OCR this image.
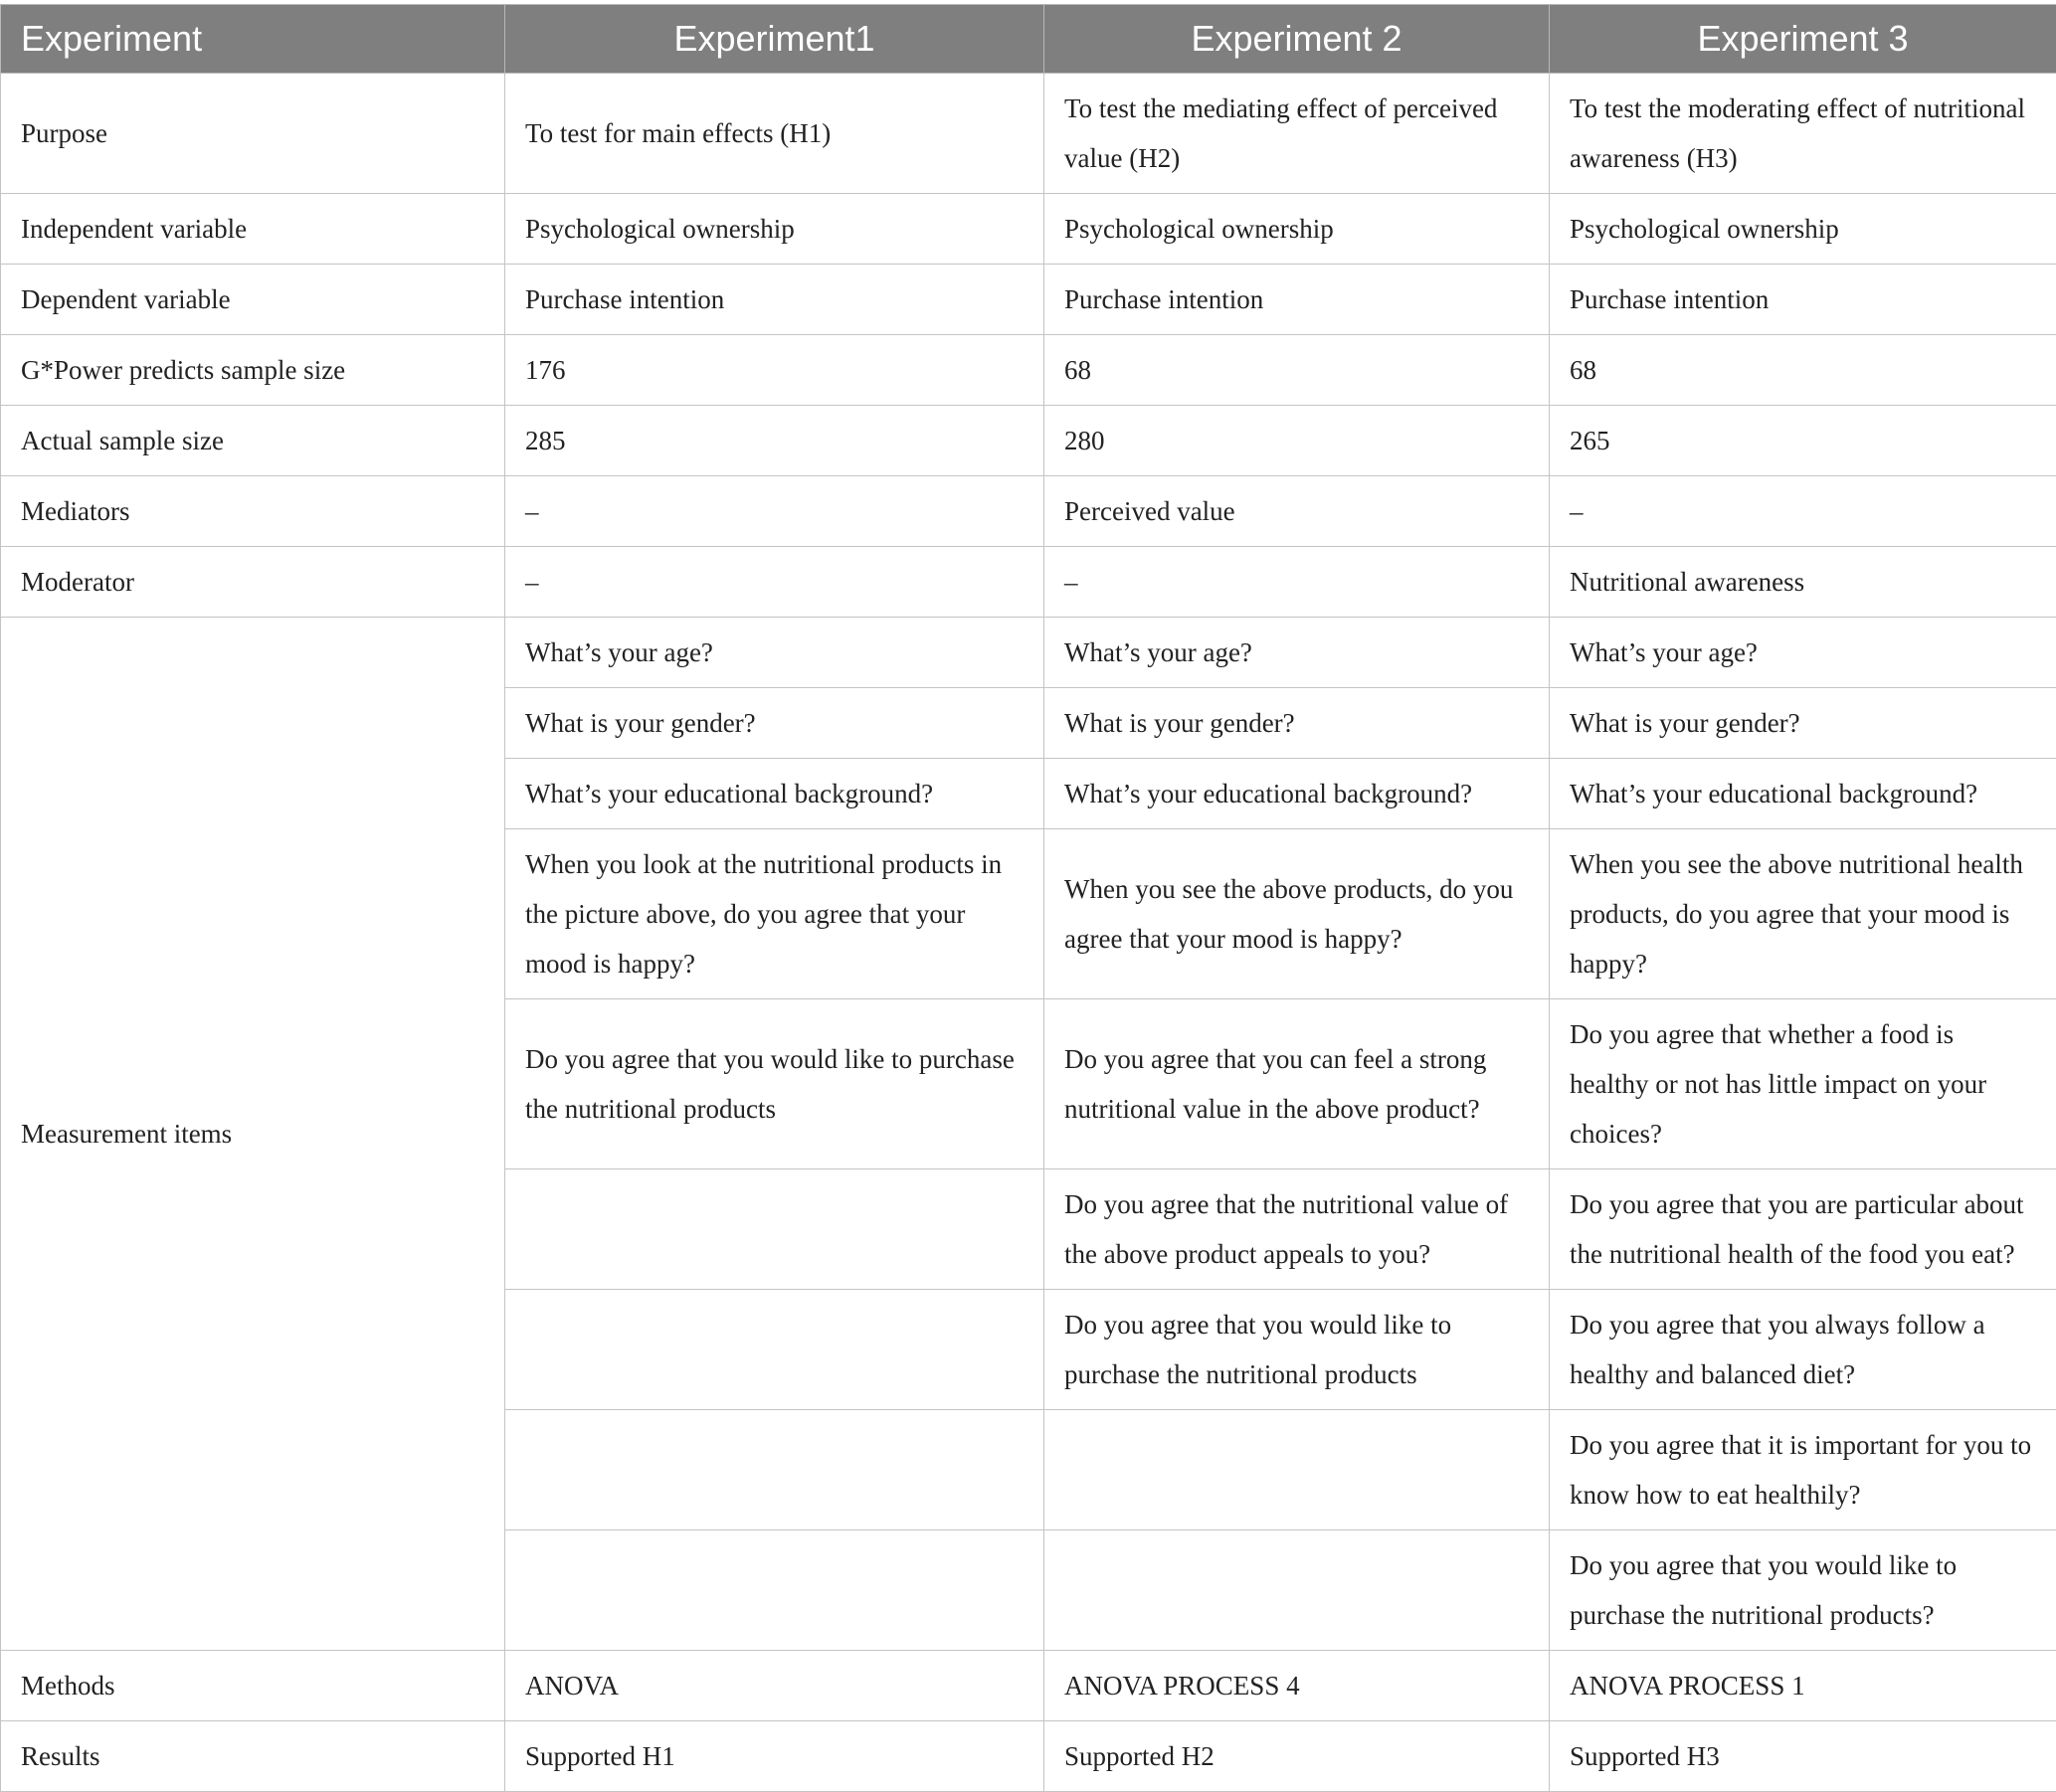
Experiment	Experiment1	Experiment 2	Experiment 3
Purpose	To test for main effects (H1)	To test the mediating effect of perceived value (H2)	To test the moderating effect of nutritional awareness (H3)
Independent variable	Psychological ownership	Psychological ownership	Psychological ownership
Dependent variable	Purchase intention	Purchase intention	Purchase intention
G*Power predicts sample size	176	68	68
Actual sample size	285	280	265
Mediators	–	Perceived value	–
Moderator	–	–	Nutritional awareness
Measurement items	What’s your age?	What’s your age?	What’s your age?
	What is your gender?	What is your gender?	What is your gender?
	What’s your educational background?	What’s your educational background?	What’s your educational background?
	When you look at the nutritional products in the picture above, do you agree that your mood is happy?	When you see the above products, do you agree that your mood is happy?	When you see the above nutritional health products, do you agree that your mood is happy?
	Do you agree that you would like to purchase the nutritional products	Do you agree that you can feel a strong nutritional value in the above product?	Do you agree that whether a food is healthy or not has little impact on your choices?
		Do you agree that the nutritional value of the above product appeals to you?	Do you agree that you are particular about the nutritional health of the food you eat?
		Do you agree that you would like to purchase the nutritional products	Do you agree that you always follow a healthy and balanced diet?
			Do you agree that it is important for you to know how to eat healthily?
			Do you agree that you would like to purchase the nutritional products?
Methods	ANOVA	ANOVA PROCESS 4	ANOVA PROCESS 1
Results	Supported H1	Supported H2	Supported H3
